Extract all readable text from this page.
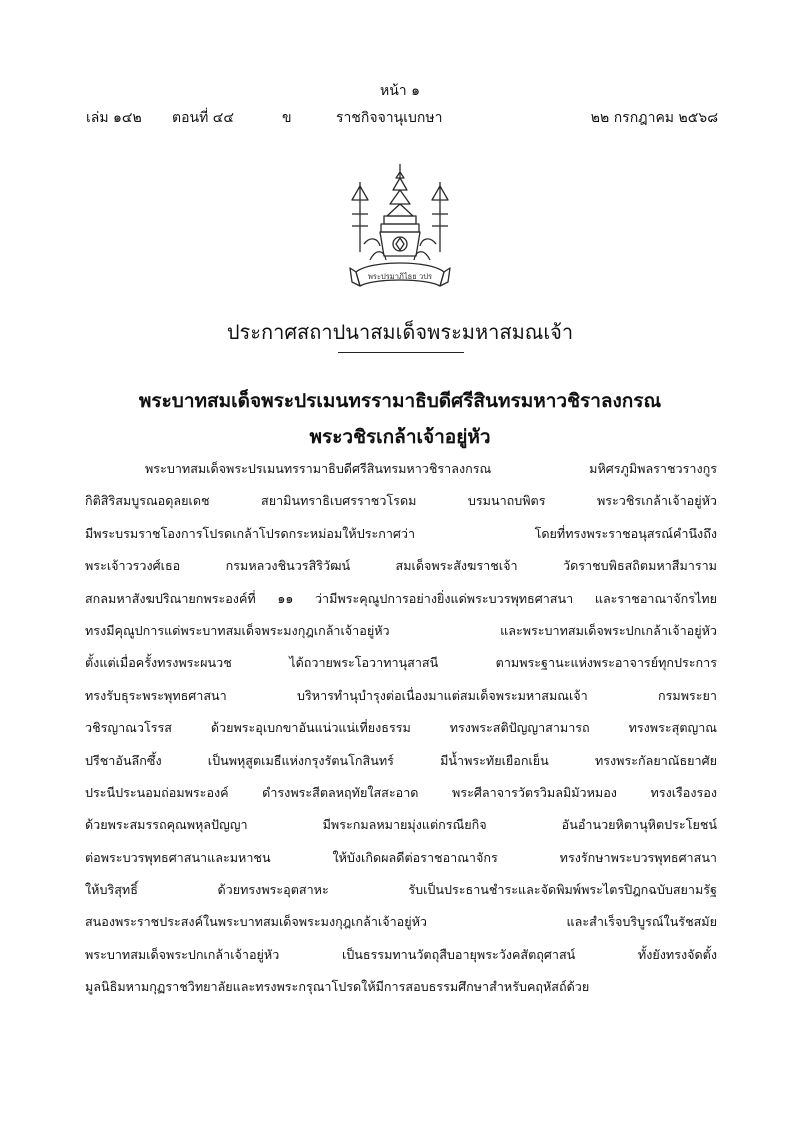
หน้า ๑
เล่ม ๑๔๒ ตอนที่ ๔๔	ข	ราชกิจจานุเบกษา	๒๒ กรกฎาคม ๒๕๖๘
พระปรมาภิไธย วปร
ประกาศสถาปนาสมเด็จพระมหาสมณเจ้า
พระบาทสมเด็จพระปรเมนทรรามาธิบดีศรีสินทรมหาวชิราลงกรณ
พระวชิรเกล้าเจ้าอยู่หัว
พระบาทสมเด็จพระปรเมนทรรามาธิบดีศรีสินทรมหาวชิราลงกรณ มหิศรภูมิพลราชวรางกูร
กิติสิริสมบูรณอดุลยเดช สยามินทราธิเบศรราชวโรดม บรมนาถบพิตร พระวชิรเกล้าเจ้าอยู่หัว
มีพระบรมราชโองการโปรดเกล้าโปรดกระหม่อมให้ประกาศว่า โดยที่ทรงพระราชอนุสรณ์คำนึงถึง
พระเจ้าวรวงศ์เธอ กรมหลวงชินวรสิริวัฒน์ สมเด็จพระสังฆราชเจ้า วัดราชบพิธสถิตมหาสีมาราม
สกลมหาสังฆปริณายกพระองค์ที่ ๑๑ ว่ามีพระคุณูปการอย่างยิ่งแด่พระบวรพุทธศาสนา และราชอาณาจักรไทย
ทรงมีคุณูปการแด่พระบาทสมเด็จพระมงกุฎเกล้าเจ้าอยู่หัว และพระบาทสมเด็จพระปกเกล้าเจ้าอยู่หัว
ตั้งแต่เมื่อครั้งทรงพระผนวช ได้ถวายพระโอวาทานุสาสนี ตามพระฐานะแห่งพระอาจารย์ทุกประการ
ทรงรับธุระพระพุทธศาสนา บริหารทำนุบำรุงต่อเนื่องมาแต่สมเด็จพระมหาสมณเจ้า กรมพระยา
วชิรญาณวโรรส ด้วยพระอุเบกขาอันแน่วแน่เที่ยงธรรม ทรงพระสติปัญญาสามารถ ทรงพระสุตญาณ
ปรีชาอันลึกซึ้ง เป็นพหุสูตเมธีแห่งกรุงรัตนโกสินทร์ มีน้ำพระทัยเยือกเย็น ทรงพระกัลยาณัธยาศัย
ประนีประนอมถ่อมพระองค์ ดำรงพระสีตลหฤทัยใสสะอาด พระศีลาจารวัตรวิมลมิมัวหมอง ทรงเรืองรอง
ด้วยพระสมรรถคุณพหุลปัญญา มีพระกมลหมายมุ่งแต่กรณียกิจ อันอำนวยหิตานุหิตประโยชน์
ต่อพระบวรพุทธศาสนาและมหาชน ให้บังเกิดผลดีต่อราชอาณาจักร ทรงรักษาพระบวรพุทธศาสนา
ให้บริสุทธิ์ ด้วยทรงพระอุตสาหะ รับเป็นประธานชำระและจัดพิมพ์พระไตรปิฎกฉบับสยามรัฐ
สนองพระราชประสงค์ในพระบาทสมเด็จพระมงกุฎเกล้าเจ้าอยู่หัว และสำเร็จบริบูรณ์ในรัชสมัย
พระบาทสมเด็จพระปกเกล้าเจ้าอยู่หัว เป็นธรรมทานวัตถุสืบอายุพระวังคสัตถุศาสน์ ทั้งยังทรงจัดตั้ง
มูลนิธิมหามกุฏราชวิทยาลัยและทรงพระกรุณาโปรดให้มีการสอบธรรมศึกษาสำหรับคฤหัสถ์ด้วย
